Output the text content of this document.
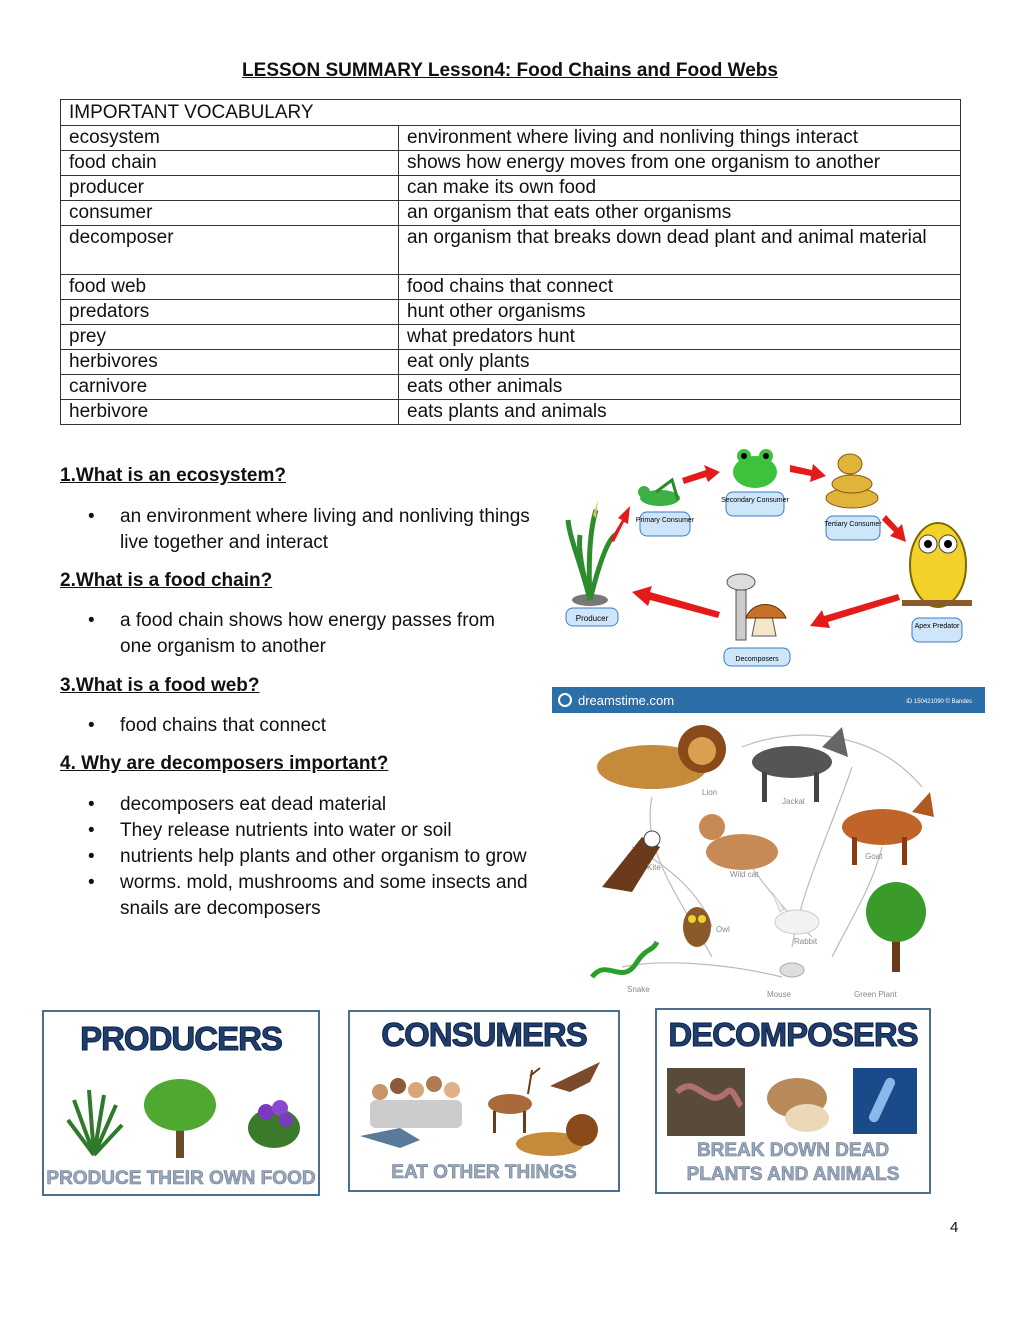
LESSON SUMMARY Lesson4: Food Chains and Food Webs
IMPORTANT VOCABULARY	
ecosystem	environment where living and nonliving things interact
food chain	shows how energy moves from one organism to another
producer	can make its own food
consumer	an organism that eats other organisms
decomposer	an organism that breaks down dead plant and animal material
food web	food chains that connect
predators	hunt other organisms
prey	what predators hunt
herbivores	eat only plants
carnivore	eats other animals
herbivore	eats plants and animals
1.What is an ecosystem?
• an environment where living and nonliving things live together and interact
2.What is a food chain?
• a food chain shows how energy passes from one organism to another
3.What is a food web?
• food chains that connect
4. Why are decomposers important?
• decomposers eat dead material
• They release nutrients into water or soil
• nutrients help plants and other organism to grow
• worms. mold, mushrooms and some insects and snails are decomposers
Producer
Primary Consumer
Secondary Consumer
Tertiary Consumer
Apex Predator
Decomposers
dreamstime.com	ID 150421090 © Bandes
Lion
Jackal
Goat
Kite
Wild cat
Owl
Rabbit
Snake
Mouse	Green Plant
PRODUCERS
PRODUCE THEIR OWN FOOD
CONSUMERS
EAT OTHER THINGS
DECOMPOSERS
BREAK DOWN DEAD
PLANTS AND ANIMALS
4
